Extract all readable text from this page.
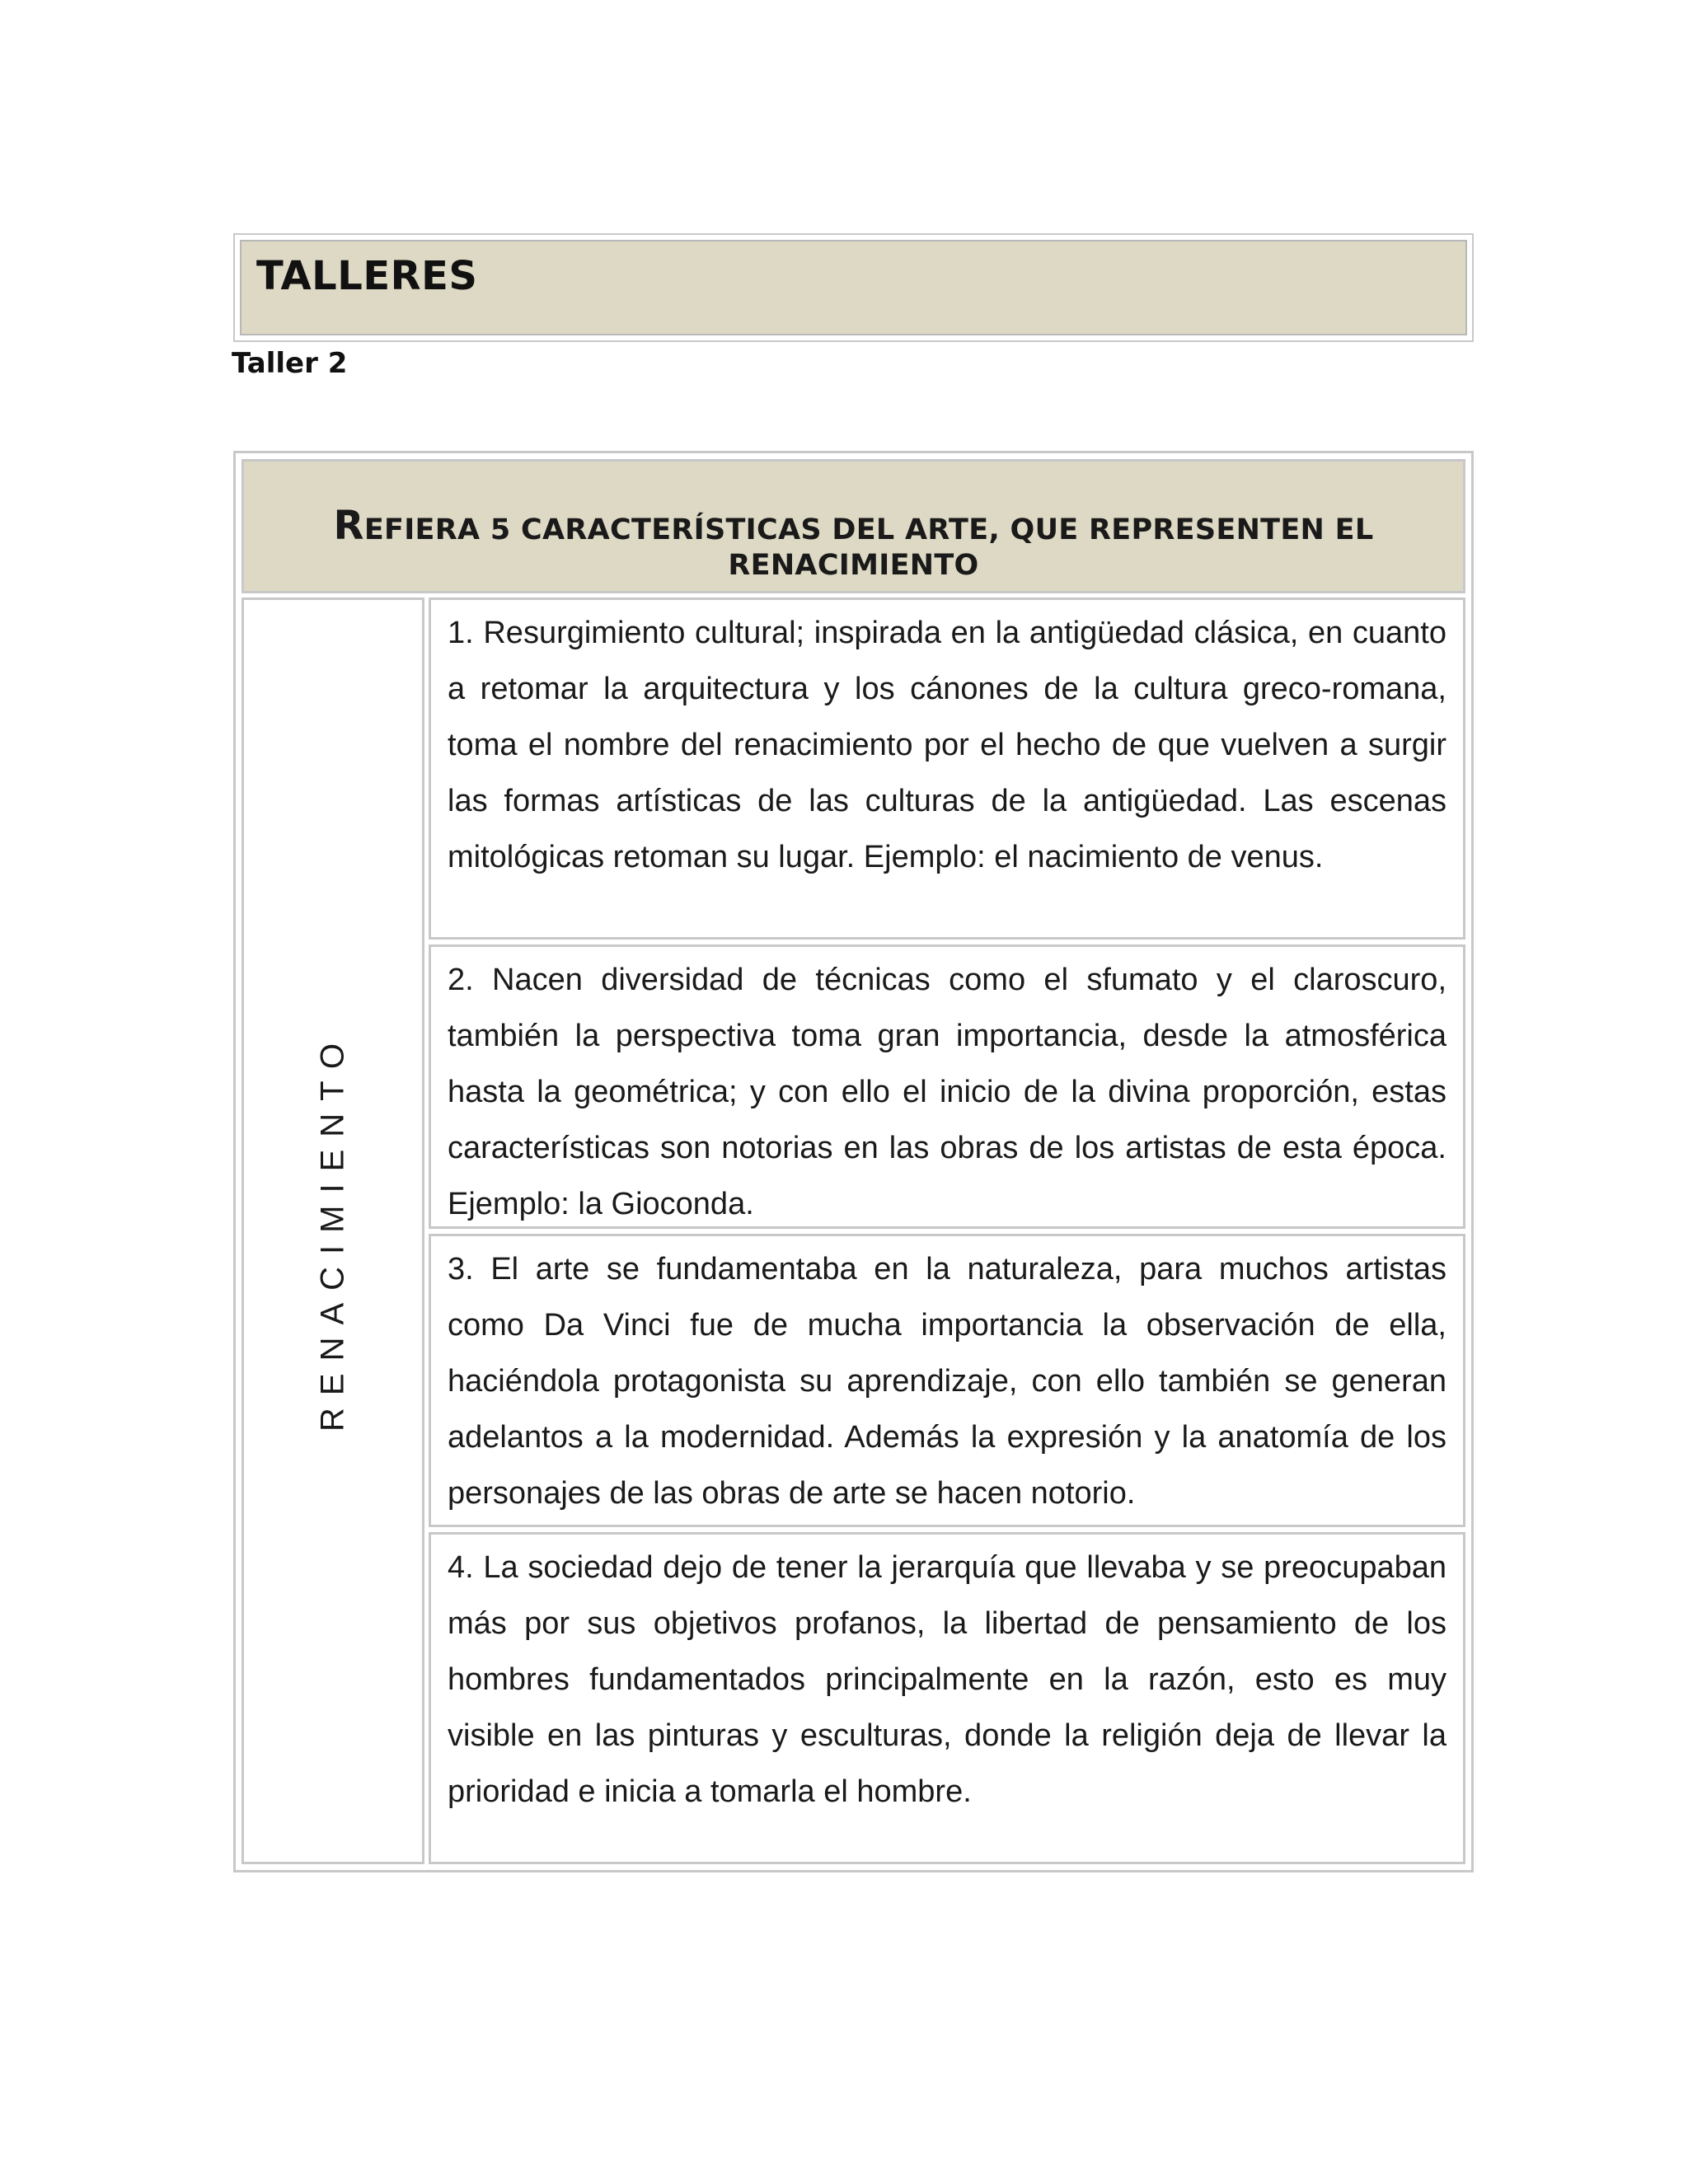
TALLERES
Taller 2
REFIERA 5 CARACTERÍSTICAS DEL ARTE, QUE REPRESENTEN EL RENACIMIENTO
RENACIMIENTO
1. Resurgimiento cultural; inspirada en la antigüedad clásica, en cuanto a retomar la arquitectura y los cánones de la cultura greco-romana, toma el nombre del renacimiento por el hecho de que vuelven a surgir las formas artísticas de las culturas de la antigüedad. Las escenas mitológicas retoman su lugar. Ejemplo: el nacimiento de venus.
2. Nacen diversidad de técnicas como el sfumato y el claroscuro, también la perspectiva toma gran importancia, desde la atmosférica hasta la geométrica; y con ello el inicio de la divina proporción, estas características son notorias en las obras de los artistas de esta época. Ejemplo: la Gioconda.
3. El arte se fundamentaba en la naturaleza, para muchos artistas como Da Vinci fue de mucha importancia la observación de ella, haciéndola protagonista su aprendizaje, con ello también se generan adelantos a la modernidad. Además la expresión y la anatomía de los personajes de las obras de arte se hacen notorio.
4. La sociedad dejo de tener la jerarquía que llevaba y se preocupaban más por sus objetivos profanos, la libertad de pensamiento de los hombres fundamentados principalmente en la razón, esto es muy visible en las pinturas y esculturas, donde la religión deja de llevar la prioridad e inicia a tomarla el hombre.
